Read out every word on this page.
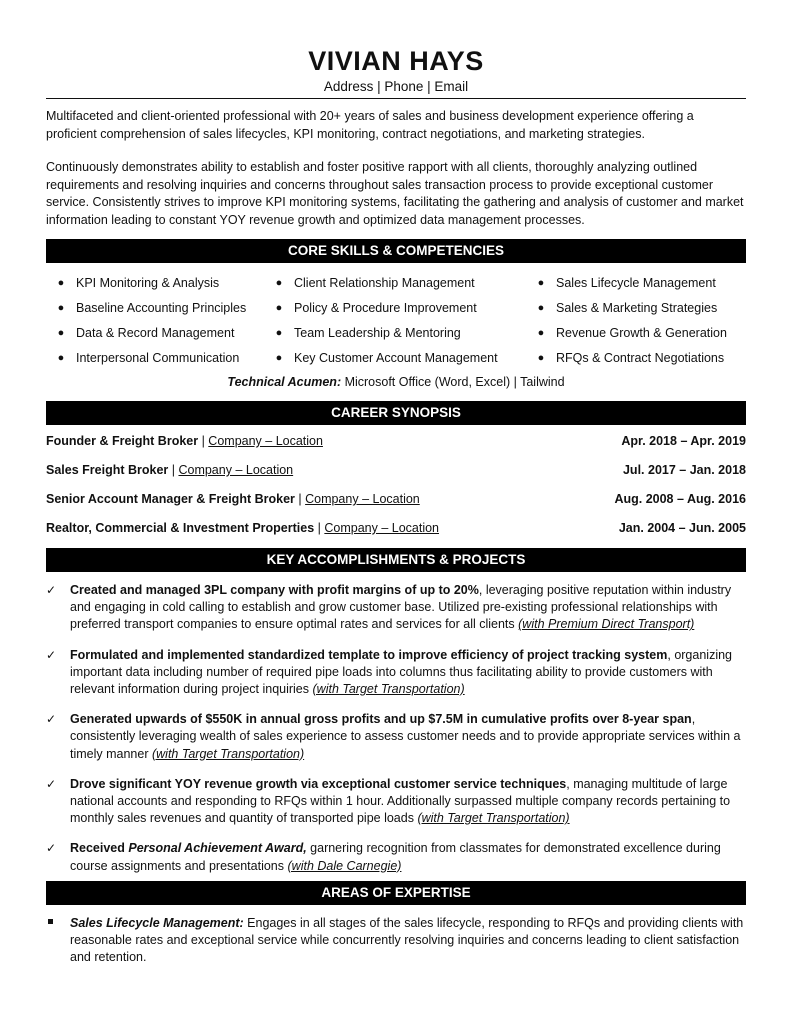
VIVIAN HAYS
Address | Phone | Email

Multifaceted and client-oriented professional with 20+ years of sales and business development experience offering a proficient comprehension of sales lifecycles, KPI monitoring, contract negotiations, and marketing strategies.

Continuously demonstrates ability to establish and foster positive rapport with all clients, thoroughly analyzing outlined requirements and resolving inquiries and concerns throughout sales transaction process to provide exceptional customer service. Consistently strives to improve KPI monitoring systems, facilitating the gathering and analysis of customer and market information leading to constant YOY revenue growth and optimized data management processes.

CORE SKILLS & COMPETENCIES
● KPI Monitoring & Analysis
● Baseline Accounting Principles
● Data & Record Management
● Interpersonal Communication
● Client Relationship Management
● Policy & Procedure Improvement
● Team Leadership & Mentoring
● Key Customer Account Management
● Sales Lifecycle Management
● Sales & Marketing Strategies
● Revenue Growth & Generation
● RFQs & Contract Negotiations
Technical Acumen: Microsoft Office (Word, Excel) | Tailwind
CAREER SYNOPSIS
Founder & Freight Broker | Company – Location	Apr. 2018 – Apr. 2019
Sales Freight Broker | Company – Location	Jul. 2017 – Jan. 2018
Senior Account Manager & Freight Broker | Company – Location	Aug. 2008 – Aug. 2016
Realtor, Commercial & Investment Properties | Company – Location	Jan. 2004 – Jun. 2005
KEY ACCOMPLISHMENTS & PROJECTS
✓	Created and managed 3PL company with profit margins of up to 20%, leveraging positive reputation within industry and engaging in cold calling to establish and grow customer base. Utilized pre-existing professional relationships with preferred transport companies to ensure optimal rates and services for all clients (with Premium Direct Transport)
✓	Formulated and implemented standardized template to improve efficiency of project tracking system, organizing important data including number of required pipe loads into columns thus facilitating ability to provide customers with relevant information during project inquiries (with Target Transportation)
✓	Generated upwards of $550K in annual gross profits and up $7.5M in cumulative profits over 8-year span, consistently leveraging wealth of sales experience to assess customer needs and to provide appropriate services within a timely manner (with Target Transportation)
✓	Drove significant YOY revenue growth via exceptional customer service techniques, managing multitude of large national accounts and responding to RFQs within 1 hour. Additionally surpassed multiple company records pertaining to monthly sales revenues and quantity of transported pipe loads (with Target Transportation)
✓	Received Personal Achievement Award, garnering recognition from classmates for demonstrated excellence during course assignments and presentations (with Dale Carnegie)
AREAS OF EXPERTISE
Sales Lifecycle Management: Engages in all stages of the sales lifecycle, responding to RFQs and providing clients with reasonable rates and exceptional service while concurrently resolving inquiries and concerns leading to client satisfaction and retention.
